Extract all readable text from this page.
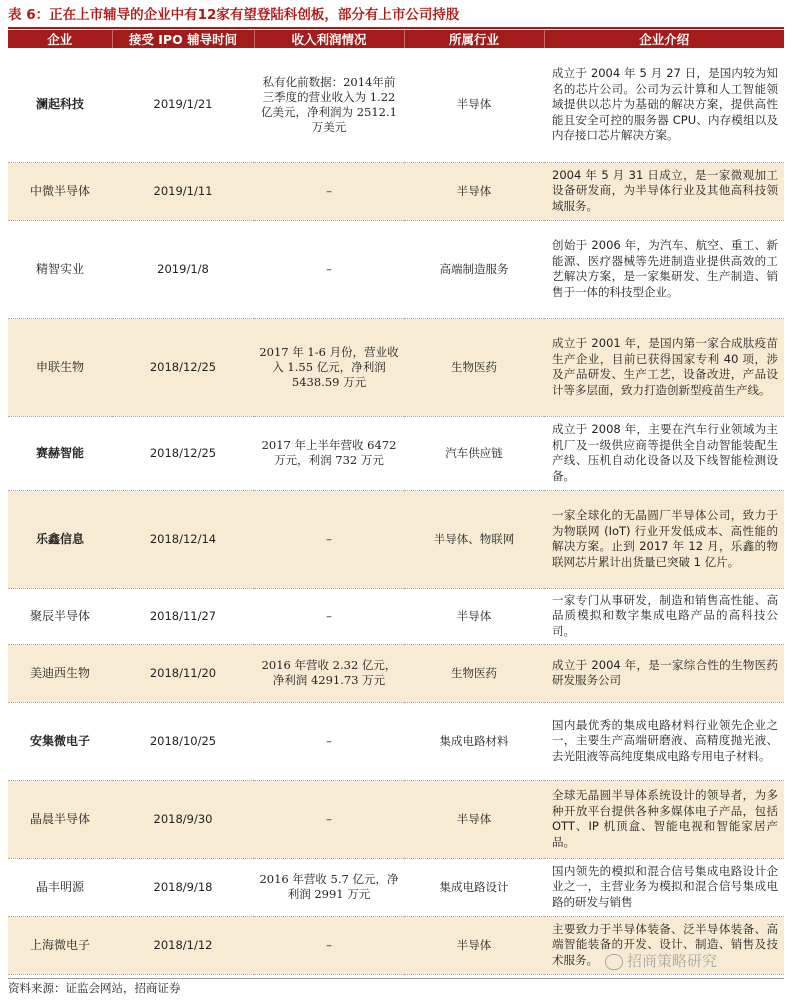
表 6：正在上市辅导的企业中有12家有望登陆科创板，部分有上市公司持股
企业	接受 IPO 辅导时间	收入利润情况	所属行业	企业介绍
澜起科技	2019/1/21	私有化前数据：2014年前三季度的营业收入为 1.22 亿美元，净利润为 2512.1 万美元	半导体	成立于 2004 年 5 月 27 日，是国内较为知名的芯片公司。公司为云计算和人工智能领域提供以芯片为基础的解决方案，提供高性能且安全可控的服务器 CPU、内存模组以及内存接口芯片解决方案。
中微半导体	2019/1/11	–	半导体	2004 年 5 月 31 日成立，是一家微观加工设备研发商，为半导体行业及其他高科技领域服务。
精智实业	2019/1/8	–	高端制造服务	创始于 2006 年，为汽车、航空、重工、新能源、医疗器械等先进制造业提供高效的工艺解决方案，是一家集研发、生产制造、销售于一体的科技型企业。
申联生物	2018/12/25	2017 年 1-6 月份，营业收入 1.55 亿元，净利润 5438.59 万元	生物医药	成立于 2001 年，是国内第一家合成肽疫苗生产企业，目前已获得国家专利 40 项，涉及产品研发、生产工艺，设备改进，产品设计等多层面，致力打造创新型疫苗生产线。
赛赫智能	2018/12/25	2017 年上半年营收 6472 万元，利润 732 万元	汽车供应链	成立于 2008 年，主要在汽车行业领域为主机厂及一级供应商等提供全自动智能装配生产线、压机自动化设备以及下线智能检测设备。
乐鑫信息	2018/12/14	–	半导体、物联网	一家全球化的无晶圆厂半导体公司，致力于为物联网 (IoT) 行业开发低成本、高性能的解决方案。止到 2017 年 12 月，乐鑫的物联网芯片累计出货量已突破 1 亿片。
聚辰半导体	2018/11/27	–	半导体	一家专门从事研发，制造和销售高性能、高品质模拟和数字集成电路产品的高科技公司。
美迪西生物	2018/11/20	2016 年营收 2.32 亿元，净利润 4291.73 万元	生物医药	成立于 2004 年，是一家综合性的生物医药研发服务公司
安集微电子	2018/10/25	–	集成电路材料	国内最优秀的集成电路材料行业领先企业之一，主要生产高端研磨液、高精度抛光液、去光阻液等高纯度集成电路专用电子材料。
晶晨半导体	2018/9/30	–	半导体	全球无晶圆半导体系统设计的领导者，为多种开放平台提供各种多媒体电子产品，包括 OTT、IP 机顶盒、智能电视和智能家居产品。
晶丰明源	2018/9/18	2016 年营收 5.7 亿元，净利润 2991 万元	集成电路设计	国内领先的模拟和混合信号集成电路设计企业之一，主营业务为模拟和混合信号集成电路的研发与销售
上海微电子	2018/1/12	–	半导体	主要致力于半导体装备、泛半导体装备、高端智能装备的开发、设计、制造、销售及技术服务。	招商策略研究
资料来源：证监会网站，招商证券
